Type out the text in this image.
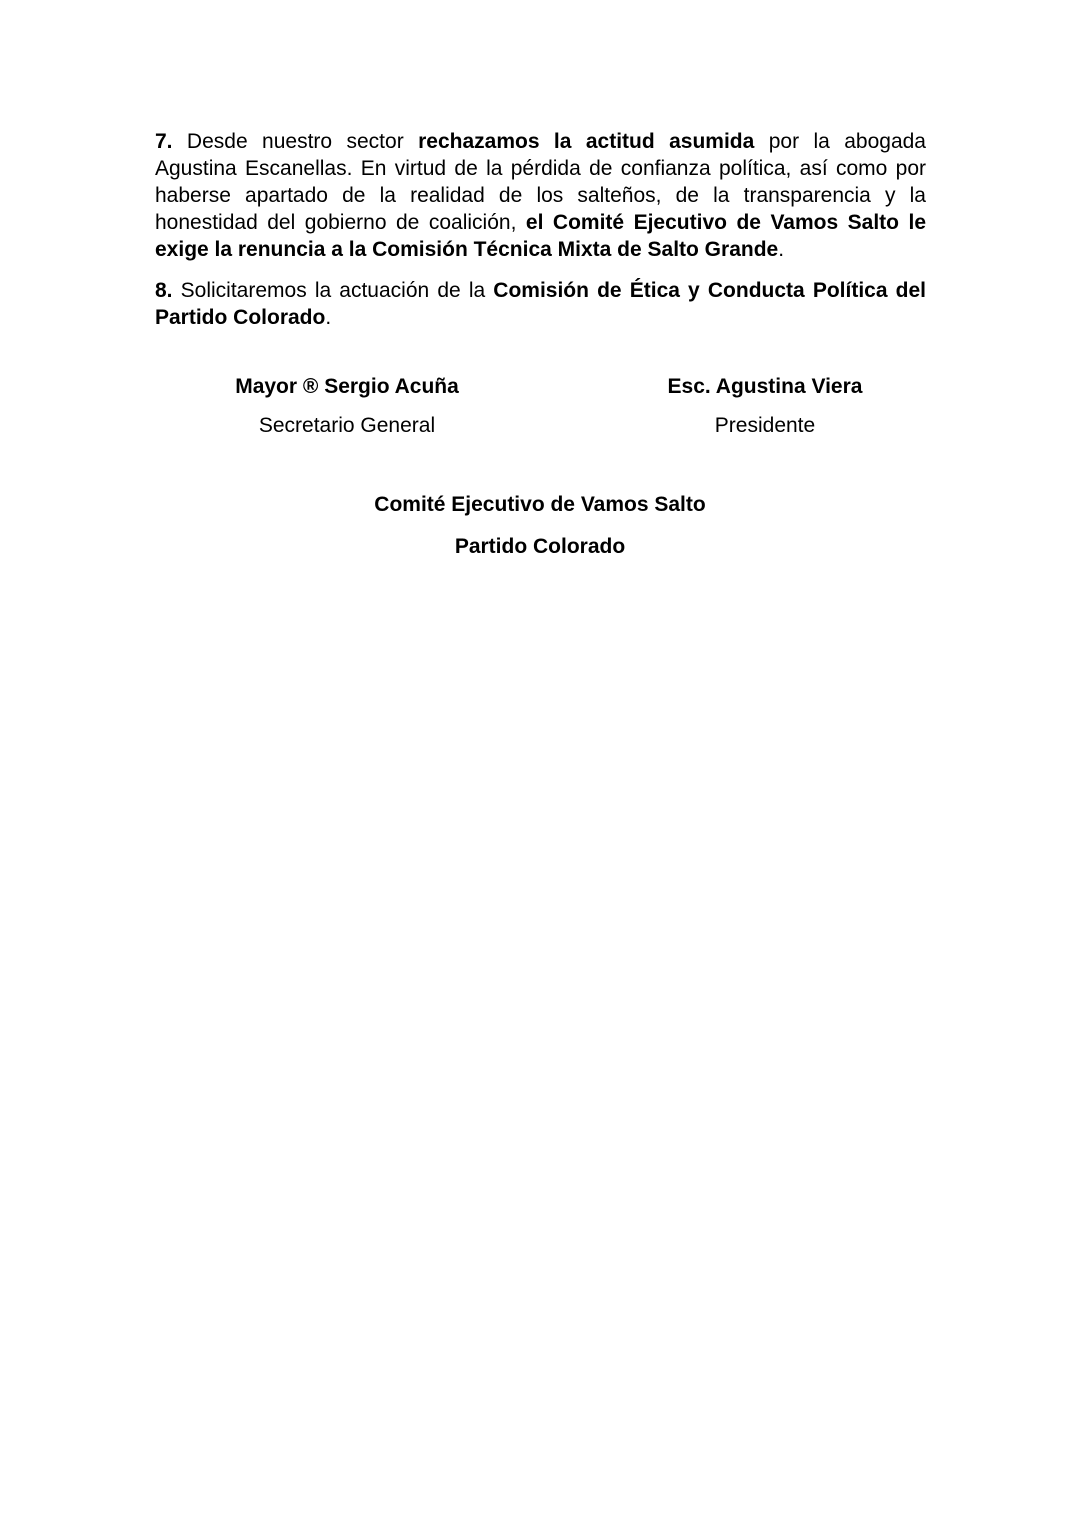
7. Desde nuestro sector rechazamos la actitud asumida por la abogada Agustina Escanellas. En virtud de la pérdida de confianza política, así como por haberse apartado de la realidad de los salteños, de la transparencia y la honestidad del gobierno de coalición, el Comité Ejecutivo de Vamos Salto le exige la renuncia a la Comisión Técnica Mixta de Salto Grande.

8. Solicitaremos la actuación de la Comisión de Ética y Conducta Política del Partido Colorado.

Mayor ® Sergio Acuña
Secretario General
Esc. Agustina Viera
Presidente
Comité Ejecutivo de Vamos Salto
Partido Colorado
